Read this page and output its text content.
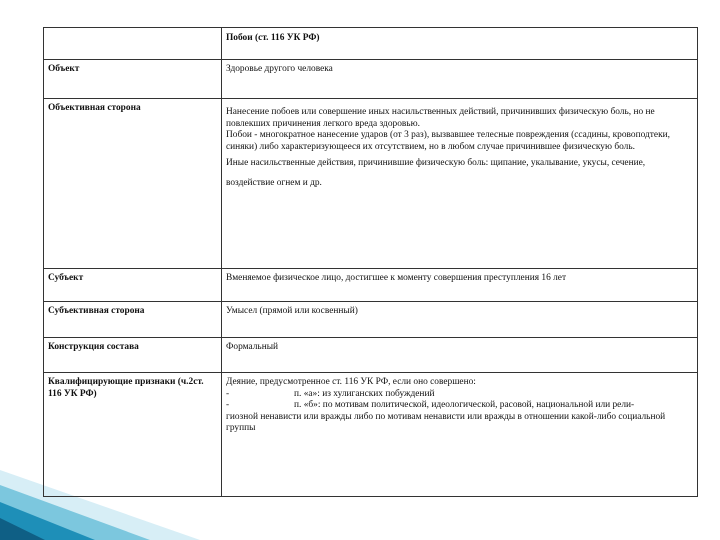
	Побои (ст. 116 УК РФ)
Объект	Здоровье другого человека
Объективная сторона	Нанесение побоев или совершение иных насильственных действий, причинивших физическую боль, но не повлекших причинения легкого вреда здоровью.
Побои - многократное нанесение ударов (от 3 раз), вызвавшее телесные повреждения (ссадины, кровоподтеки, синяки) либо характеризующееся их отсутствием, но в любом случае причинившее физическую боль.
Иные насильственные действия, причинившие физическую боль: щипание, укалывание, укусы, сечение, воздействие огнем и др.

Субъект	Вменяемое физическое лицо, достигшее к моменту совершения преступления 16 лет
Субъективная сторона	Умысел (прямой или косвенный)
Конструкция состава	Формальный
Квалифицирующие признаки (ч.2ст. 116 УК РФ)	Деяние, предусмотренное ст. 116 УК РФ, если оно совершено:
- п. «а»: из хулиганских побуждений
- п. «б»: по мотивам политической, идеологической, расовой, национальной или рели-
гиозной ненависти или вражды либо по мотивам ненависти или вражды в отношении какой-либо социальной группы
